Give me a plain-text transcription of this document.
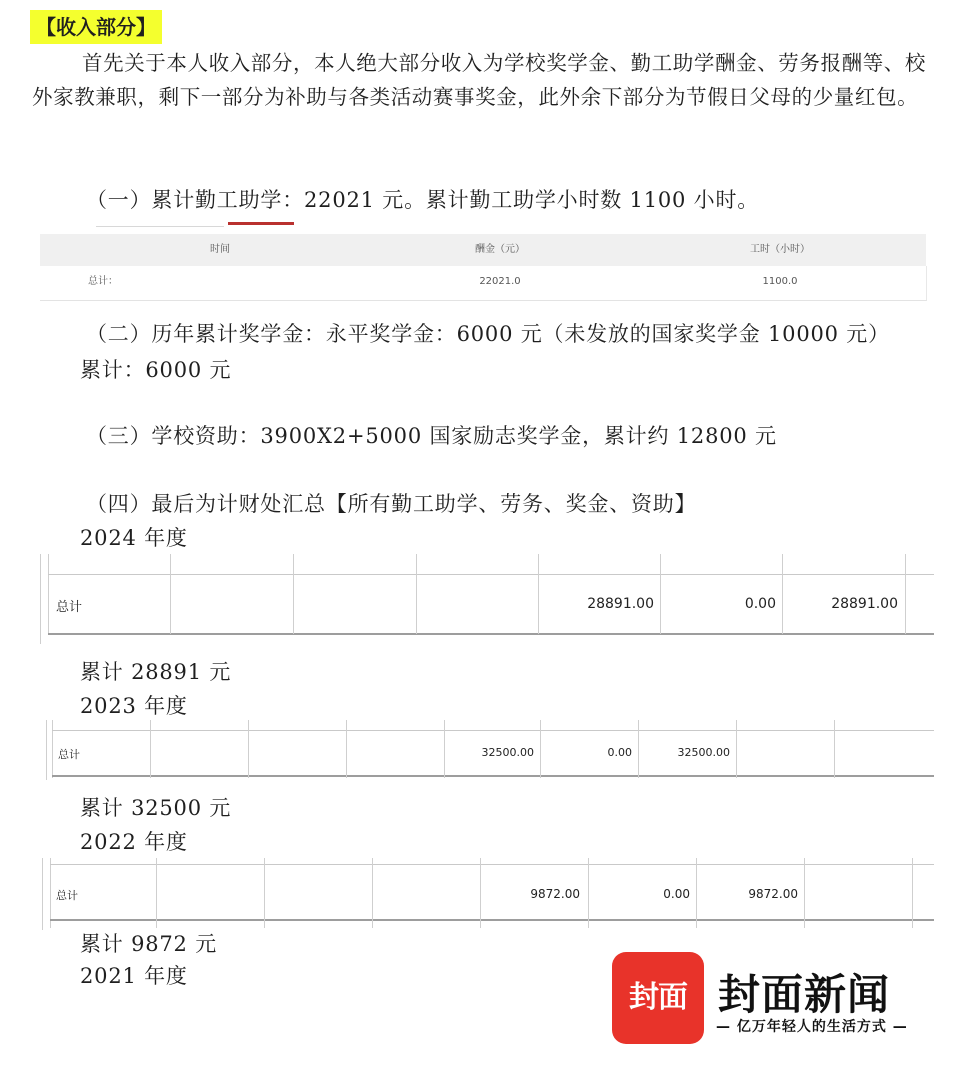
【收入部分】
首先关于本人收入部分，本人绝大部分收入为学校奖学金、勤工助学酬金、劳务报酬等、校外家教兼职，剩下一部分为补助与各类活动赛事奖金，此外余下部分为节假日父母的少量红包。
（一）累计勤工助学：22021 元。累计勤工助学小时数 1100 小时。
时间	酬金（元）	工时（小时）
总计：	22021.0	1100.0
（二）历年累计奖学金：永平奖学金：6000 元（未发放的国家奖学金 10000 元）
累计：6000 元
（三）学校资助：3900X2+5000 国家励志奖学金，累计约 12800 元
（四）最后为计财处汇总【所有勤工助学、劳务、奖金、资助】
2024 年度
总计	28891.00	0.00	28891.00
累计 28891 元
2023 年度
总计	32500.00	0.00	32500.00
累计 32500 元
2022 年度
总计	9872.00	0.00	9872.00
累计 9872 元
2021 年度
封面 封面新闻
— 亿万年轻人的生活方式 —
